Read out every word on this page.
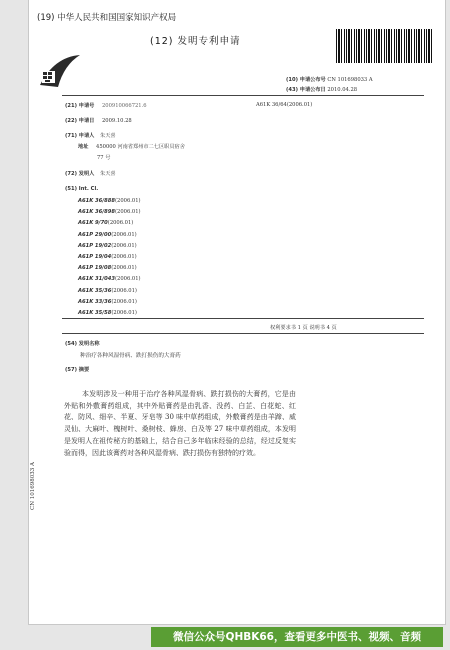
(19) 中华人民共和国国家知识产权局
(12) 发明专利申请
(10) 申请公布号 CN 101698033 A
(43) 申请公布日 2010.04.28
(21) 申请号 200910066721.6	A61K 36/64(2006.01)
(22) 申请日 2009.10.28
(71) 申请人 朱天喜
地址 450000 河南省郑州市二七区职员宿舍
77 号
(72) 发明人 朱天喜
(51) Int. Cl.
A61K 36/888(2006.01)
A61K 36/898(2006.01)
A61K 9/70(2006.01)
A61P 29/00(2006.01)
A61P 19/02(2006.01)
A61P 19/04(2006.01)
A61P 19/08(2006.01)
A61K 31/043(2006.01)
A61K 35/36(2006.01)
A61K 33/36(2006.01)
A61K 35/58(2006.01)
权利要求书 1 页 说明书 4 页
(54) 发明名称
种治疗各种风湿骨病、跌打损伤的大膏药
(57) 摘要
本发明涉及一种用于治疗各种风湿骨病、跌打损伤的大膏药，它是由外贴和外敷膏药组成，其中外贴膏药是由乳香、没药、白芷、白花蛇、红花、防风、细辛、半夏、牙皂等 30 味中草药组成，外敷膏药是由羊蹄、威灵仙、大麻叶、槐树叶、桑树枝、蜂房、白及等 27 味中草药组成，本发明是发明人在祖传秘方的基础上，结合自己多年临床经验的总结，经过反复实验而得，因此该膏药对各种风湿骨病、跌打损伤有独特的疗效。
CN 101698033 A
微信公众号QHBK66，查看更多中医书、视频、音频
